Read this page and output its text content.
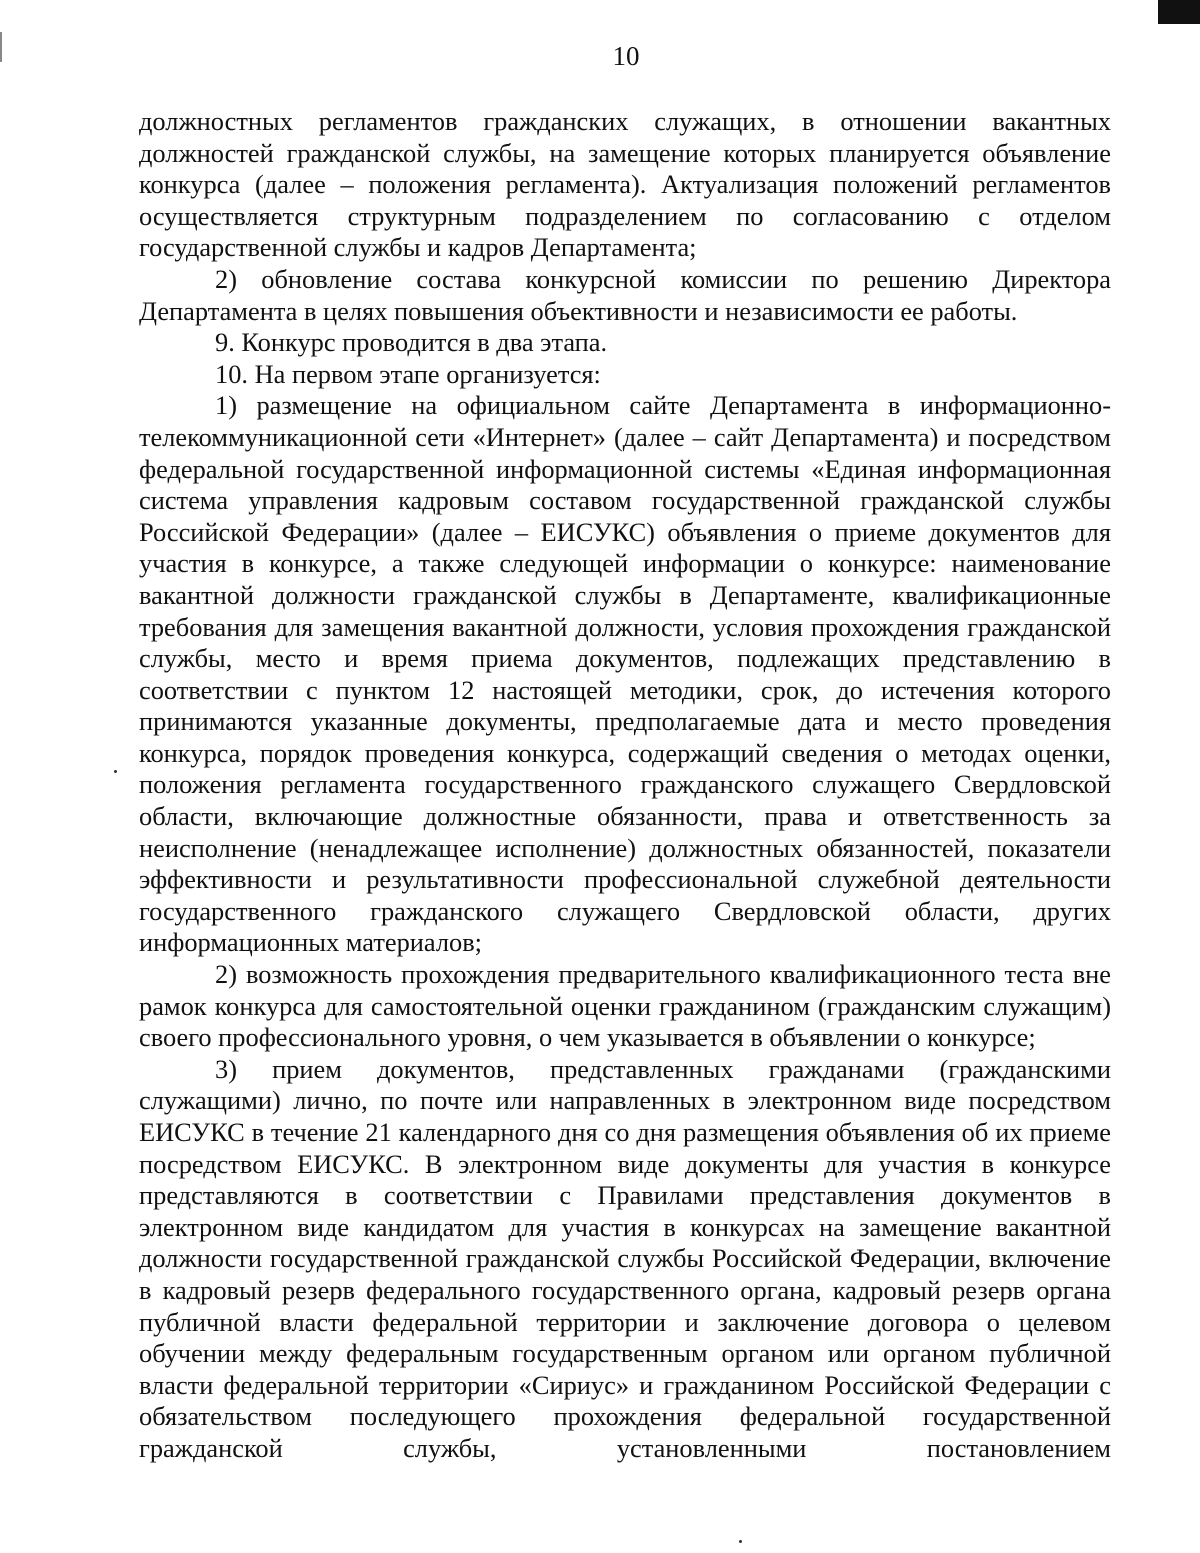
10

должностных регламентов гражданских служащих, в отношении вакантных должностей гражданской службы, на замещение которых планируется объявление конкурса (далее – положения регламента). Актуализация положений регламентов осуществляется структурным подразделением по согласованию с отделом государственной службы и кадров Департамента;

2) обновление состава конкурсной комиссии по решению Директора Департамента в целях повышения объективности и независимости ее работы.

9. Конкурс проводится в два этапа.

10. На первом этапе организуется:

1) размещение на официальном сайте Департамента в информационно-телекоммуникационной сети «Интернет» (далее – сайт Департамента) и посредством федеральной государственной информационной системы «Единая информационная система управления кадровым составом государственной гражданской службы Российской Федерации» (далее – ЕИСУКС) объявления о приеме документов для участия в конкурсе, а также следующей информации о конкурсе: наименование вакантной должности гражданской службы в Департаменте, квалификационные требования для замещения вакантной должности, условия прохождения гражданской службы, место и время приема документов, подлежащих представлению в соответствии с пунктом 12 настоящей методики, срок, до истечения которого принимаются указанные документы, предполагаемые дата и место проведения конкурса, порядок проведения конкурса, содержащий сведения о методах оценки, положения регламента государственного гражданского служащего Свердловской области, включающие должностные обязанности, права и ответственность за неисполнение (ненадлежащее исполнение) должностных обязанностей, показатели эффективности и результативности профессиональной служебной деятельности государственного гражданского служащего Свердловской области, других информационных материалов;

2) возможность прохождения предварительного квалификационного теста вне рамок конкурса для самостоятельной оценки гражданином (гражданским служащим) своего профессионального уровня, о чем указывается в объявлении о конкурсе;

3) прием документов, представленных гражданами (гражданскими служащими) лично, по почте или направленных в электронном виде посредством ЕИСУКС в течение 21 календарного дня со дня размещения объявления об их приеме посредством ЕИСУКС. В электронном виде документы для участия в конкурсе представляются в соответствии с Правилами представления документов в электронном виде кандидатом для участия в конкурсах на замещение вакантной должности государственной гражданской службы Российской Федерации, включение в кадровый резерв федерального государственного органа, кадровый резерв органа публичной власти федеральной территории и заключение договора о целевом обучении между федеральным государственным органом или органом публичной власти федеральной территории «Сириус» и гражданином Российской Федерации с обязательством последующего прохождения федеральной государственной гражданской службы, установленными постановлением
